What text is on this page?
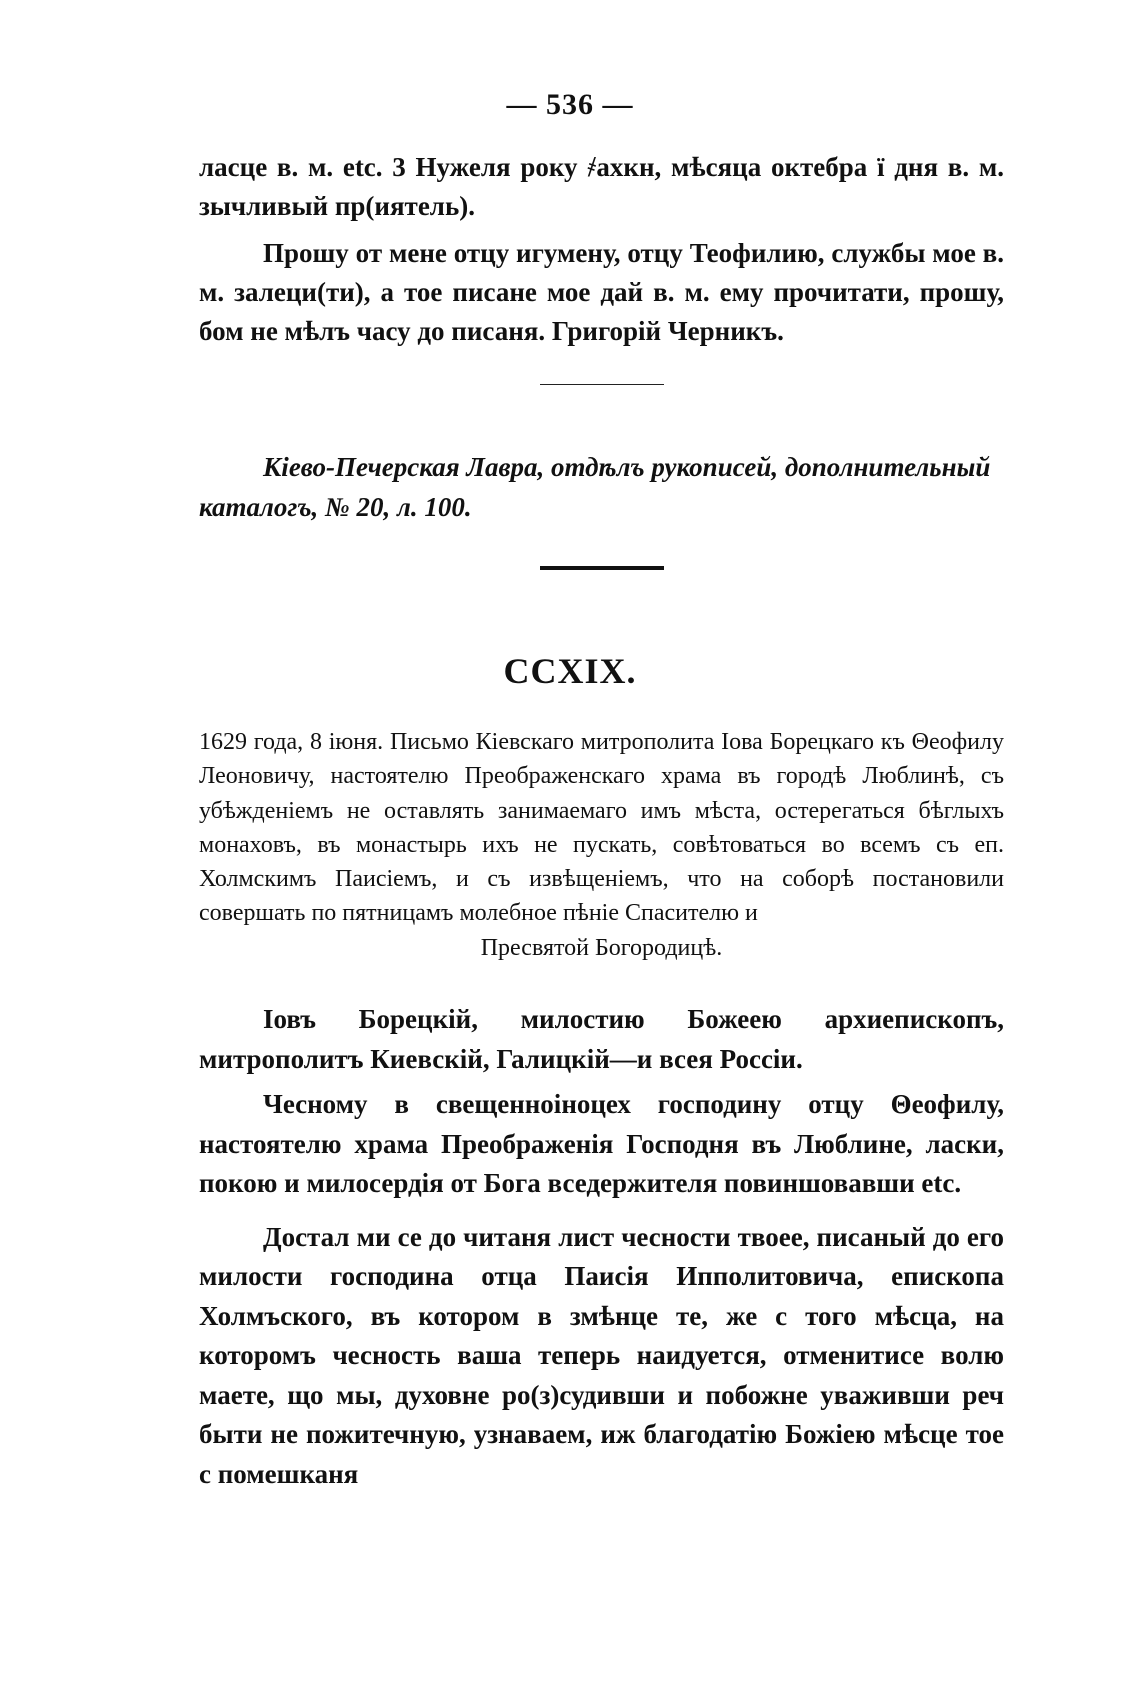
— 536 —

ласце в. м. etc. 3 Нужеля року ҂ахкн, мѣсяца октебра ї дня в. м. зычливый пр(иятель).

Прошу от мене отцу игумену, отцу Теофилию, службы мое в. м. залеци(ти), а тое писане мое дай в. м. ему прочитати, прошу, бом не мѣлъ часу до писаня. Григорій Черникъ.

Кіево-Печерская Лавра, отдѣлъ рукописей, дополнительный
каталогъ, № 20, л. 100.
CCXIX.
1629 года, 8 іюня. Письмо Кіевскаго митрополита Іова Борецкаго къ Θеофилу Леоновичу, настоятелю Преображенскаго храма въ городѣ Люблинѣ, съ убѣжденіемъ не оставлять занимаемаго имъ мѣста, остерегаться бѣглыхъ монаховъ, въ монастырь ихъ не пускать, совѣтоваться во всемъ съ еп. Холмскимъ Паисіемъ, и съ извѣщеніемъ, что на соборѣ постановили совершать по пятницамъ молебное пѣніе Спасителю и
Пресвятой Богородицѣ.

Іовъ Борецкій, милостию Божеею архиепископъ, митрополитъ Киевскій, Галицкій—и всея Россіи.

Чесному в свещенноіноцех господину отцу Θеофилу, настоятелю храма Преображенія Господня въ Люблине, ласки, покою и милосердія от Бога вседержителя повиншовавши etc.

Достал ми се до читаня лист чесности твоее, писаный до его милости господина отца Паисія Ипполитовича, епископа Холмъского, въ котором в змѣнце те, же с того мѣсца, на которомъ чесность ваша теперь наидуется, отменитисе волю маете, що мы, духовне ро(з)судивши и побожне уваживши реч быти не пожитечную, узнаваем, иж благодатію Божіею мѣсце тое с помешканя
